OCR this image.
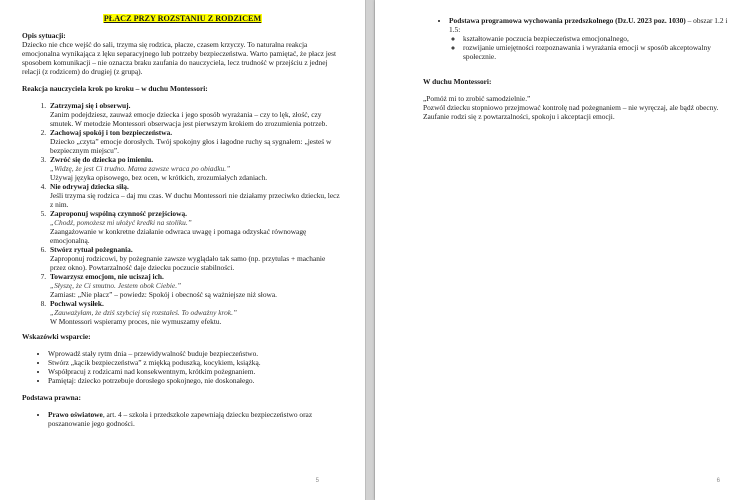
PŁACZ PRZY ROZSTANIU Z RODZICEM

Opis sytuacji:

Dziecko nie chce wejść do sali, trzyma się rodzica, płacze, czasem krzyczy. To naturalna reakcja emocjonalna wynikająca z lęku separacyjnego lub potrzeby bezpieczeństwa. Warto pamiętać, że płacz jest sposobem komunikacji – nie oznacza braku zaufania do nauczyciela, lecz trudność w przejściu z jednej relacji (z rodzicem) do drugiej (z grupą).

Reakcja nauczyciela krok po kroku – w duchu Montessori:

1. Zatrzymaj się i obserwuj.
Zanim podejdziesz, zauważ emocje dziecka i jego sposób wyrażania – czy to lęk, złość, czy smutek. W metodzie Montessori obserwacja jest pierwszym krokiem do zrozumienia potrzeb.
2. Zachowaj spokój i ton bezpieczeństwa.
Dziecko „czyta” emocje dorosłych. Twój spokojny głos i łagodne ruchy są sygnałem: „jesteś w bezpiecznym miejscu”.
3. Zwróć się do dziecka po imieniu.
„Widzę, że jest Ci trudno. Mama zawsze wraca po obiadku.”
Używaj języka opisowego, bez ocen, w krótkich, zrozumiałych zdaniach.
4. Nie odrywaj dziecka siłą.
Jeśli trzyma się rodzica – daj mu czas. W duchu Montessori nie działamy przeciwko dziecku, lecz z nim.
5. Zaproponuj wspólną czynność przejściową.
„Chodź, pomożesz mi ułożyć kredki na stoliku.”
Zaangażowanie w konkretne działanie odwraca uwagę i pomaga odzyskać równowagę emocjonalną.
6. Stwórz rytuał pożegnania.
Zaproponuj rodzicowi, by pożegnanie zawsze wyglądało tak samo (np. przytulas + machanie przez okno). Powtarzalność daje dziecku poczucie stabilności.
7. Towarzysz emocjom, nie uciszaj ich.
„Słyszę, że Ci smutno. Jestem obok Ciebie.”
Zamiast: „Nie płacz” – powiedz: Spokój i obecność są ważniejsze niż słowa.
8. Pochwal wysiłek.
„Zauważyłam, że dziś szybciej się rozstałeś. To odważny krok.”
W Montessori wspieramy proces, nie wymuszamy efektu.

Wskazówki wsparcie:

• Wprowadź stały rytm dnia – przewidywalność buduje bezpieczeństwo.
• Stwórz „kącik bezpieczeństwa” z miękką poduszką, kocykiem, książką.
• Współpracuj z rodzicami nad konsekwentnym, krótkim pożegnaniem.
• Pamiętaj: dziecko potrzebuje dorosłego spokojnego, nie doskonałego.

Podstawa prawna:

• Prawo oświatowe, art. 4 – szkoła i przedszkole zapewniają dziecku bezpieczeństwo oraz poszanowanie jego godności.
5
• Podstawa programowa wychowania przedszkolnego (Dz.U. 2023 poz. 1030) – obszar 1.2 i 1.5:
◦ kształtowanie poczucia bezpieczeństwa emocjonalnego,
◦ rozwijanie umiejętności rozpoznawania i wyrażania emocji w sposób akceptowalny społecznie.

W duchu Montessori:

„Pomóż mi to zrobić samodzielnie.”
Pozwól dziecku stopniowo przejmować kontrolę nad pożegnaniem – nie wyręczaj, ale bądź obecny. Zaufanie rodzi się z powtarzalności, spokoju i akceptacji emocji.

6
